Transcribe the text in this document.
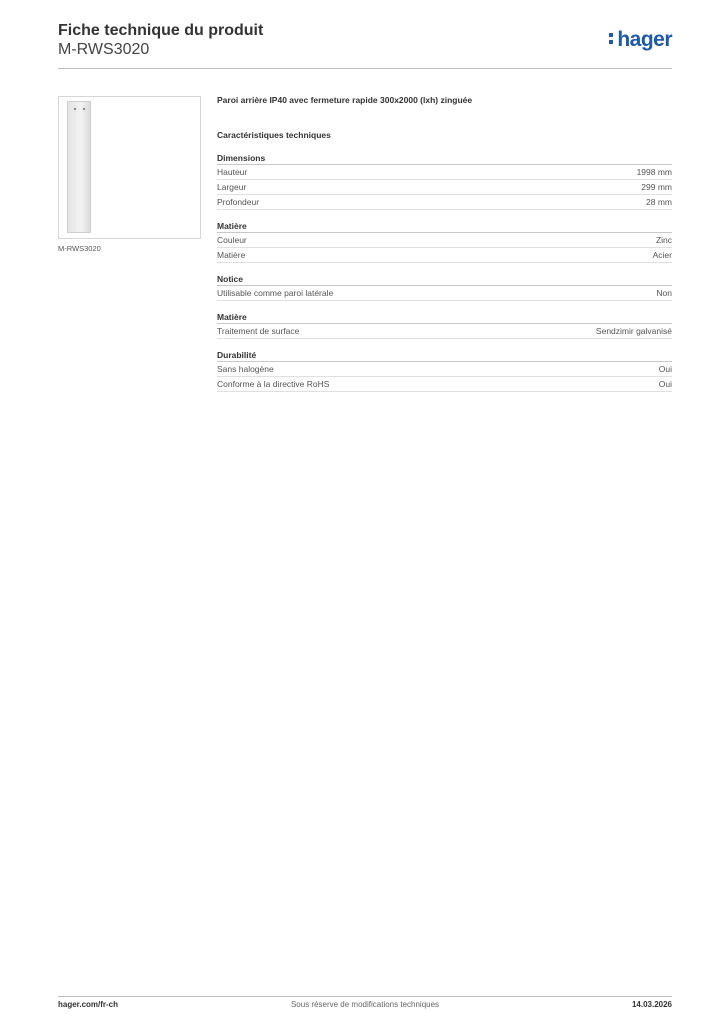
Fiche technique du produit
M-RWS3020	hager
M-RWS3020
Paroi arrière IP40 avec fermeture rapide 300x2000 (lxh) zinguée
Caractéristiques techniques
Dimensions
Hauteur	1998 mm
Largeur	299 mm
Profondeur	28 mm
Matière
Couleur	Zinc
Matière	Acier
Notice
Utilisable comme paroi latérale	Non
Matière
Traitement de surface	Sendzimir galvanisé
Durabilité
Sans halogène	Oui
Conforme à la directive RoHS	Oui
hager.com/fr-ch	Sous réserve de modifications techniques	14.03.2026
